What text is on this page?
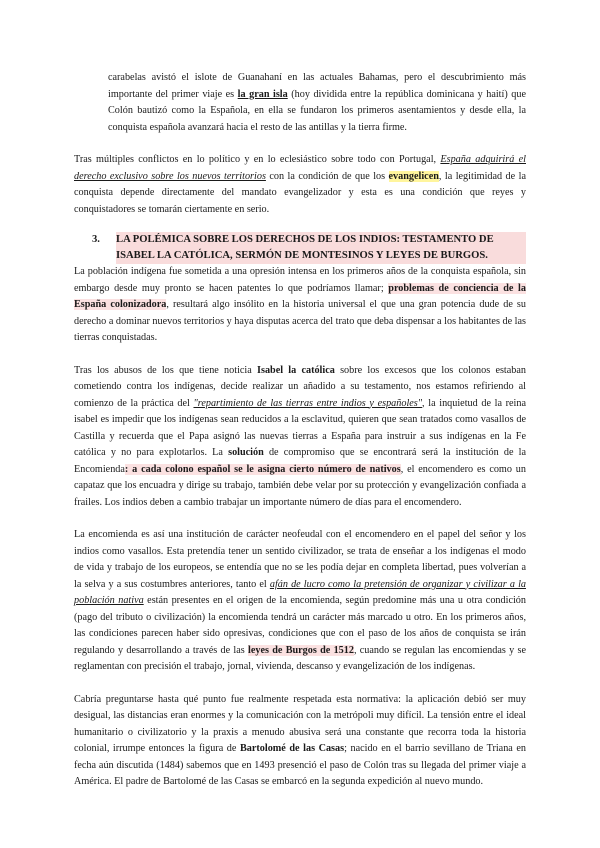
carabelas avistó el islote de Guanahaní en las actuales Bahamas, pero el descubrimiento más importante del primer viaje es la gran isla (hoy dividida entre la república dominicana y haití) que Colón bautizó como la Española, en ella se fundaron los primeros asentamientos y desde ella, la conquista española avanzará hacia el resto de las antillas y la tierra firme.

Tras múltiples conflictos en lo político y en lo eclesiástico sobre todo con Portugal, España adquirirá el derecho exclusivo sobre los nuevos territorios con la condición de que los evangelicen, la legitimidad de la conquista depende directamente del mandato evangelizador y esta es una condición que reyes y conquistadores se tomarán ciertamente en serio.

3.	LA POLÉMICA SOBRE LOS DERECHOS DE LOS INDIOS: TESTAMENTO DE ISABEL LA CATÓLICA, SERMÓN DE MONTESINOS Y LEYES DE BURGOS.

La población indígena fue sometida a una opresión intensa en los primeros años de la conquista española, sin embargo desde muy pronto se hacen patentes lo que podríamos llamar; problemas de conciencia de la España colonizadora, resultará algo insólito en la historia universal el que una gran potencia dude de su derecho a dominar nuevos territorios y haya disputas acerca del trato que deba dispensar a los habitantes de las tierras conquistadas.

Tras los abusos de los que tiene noticia Isabel la católica sobre los excesos que los colonos estaban cometiendo contra los indígenas, decide realizar un añadido a su testamento, nos estamos refiriendo al comienzo de la práctica del "repartimiento de las tierras entre indios y españoles", la inquietud de la reina isabel es impedir que los indígenas sean reducidos a la esclavitud, quieren que sean tratados como vasallos de Castilla y recuerda que el Papa asignó las nuevas tierras a España para instruir a sus indígenas en la Fe católica y no para explotarlos. La solución de compromiso que se encontrará será la institución de la Encomienda: a cada colono español se le asigna cierto número de nativos, el encomendero es como un capataz que los encuadra y dirige su trabajo, también debe velar por su protección y evangelización confiada a frailes. Los indios deben a cambio trabajar un importante número de días para el encomendero.

La encomienda es así una institución de carácter neofeudal con el encomendero en el papel del señor y los indios como vasallos. Esta pretendía tener un sentido civilizador, se trata de enseñar a los indígenas el modo de vida y trabajo de los europeos, se entendía que no se les podía dejar en completa libertad, pues volverían a la selva y a sus costumbres anteriores, tanto el afán de lucro como la pretensión de organizar y civilizar a la población nativa están presentes en el origen de la encomienda, según predomine más una u otra condición (pago del tributo o civilización) la encomienda tendrá un carácter más marcado u otro. En los primeros años, las condiciones parecen haber sido opresivas, condiciones que con el paso de los años de conquista se irán regulando y desarrollando a través de las leyes de Burgos de 1512, cuando se regulan las encomiendas y se reglamentan con precisión el trabajo, jornal, vivienda, descanso y evangelización de los indígenas.

Cabría preguntarse hasta qué punto fue realmente respetada esta normativa: la aplicación debió ser muy desigual, las distancias eran enormes y la comunicación con la metrópoli muy difícil. La tensión entre el ideal humanitario o civilizatorio y la praxis a menudo abusiva será una constante que recorra toda la historia colonial, irrumpe entonces la figura de Bartolomé de las Casas; nacido en el barrio sevillano de Triana en fecha aún discutida (1484) sabemos que en 1493 presenció el paso de Colón tras su llegada del primer viaje a América. El padre de Bartolomé de las Casas se embarcó en la segunda expedición al nuevo mundo.
